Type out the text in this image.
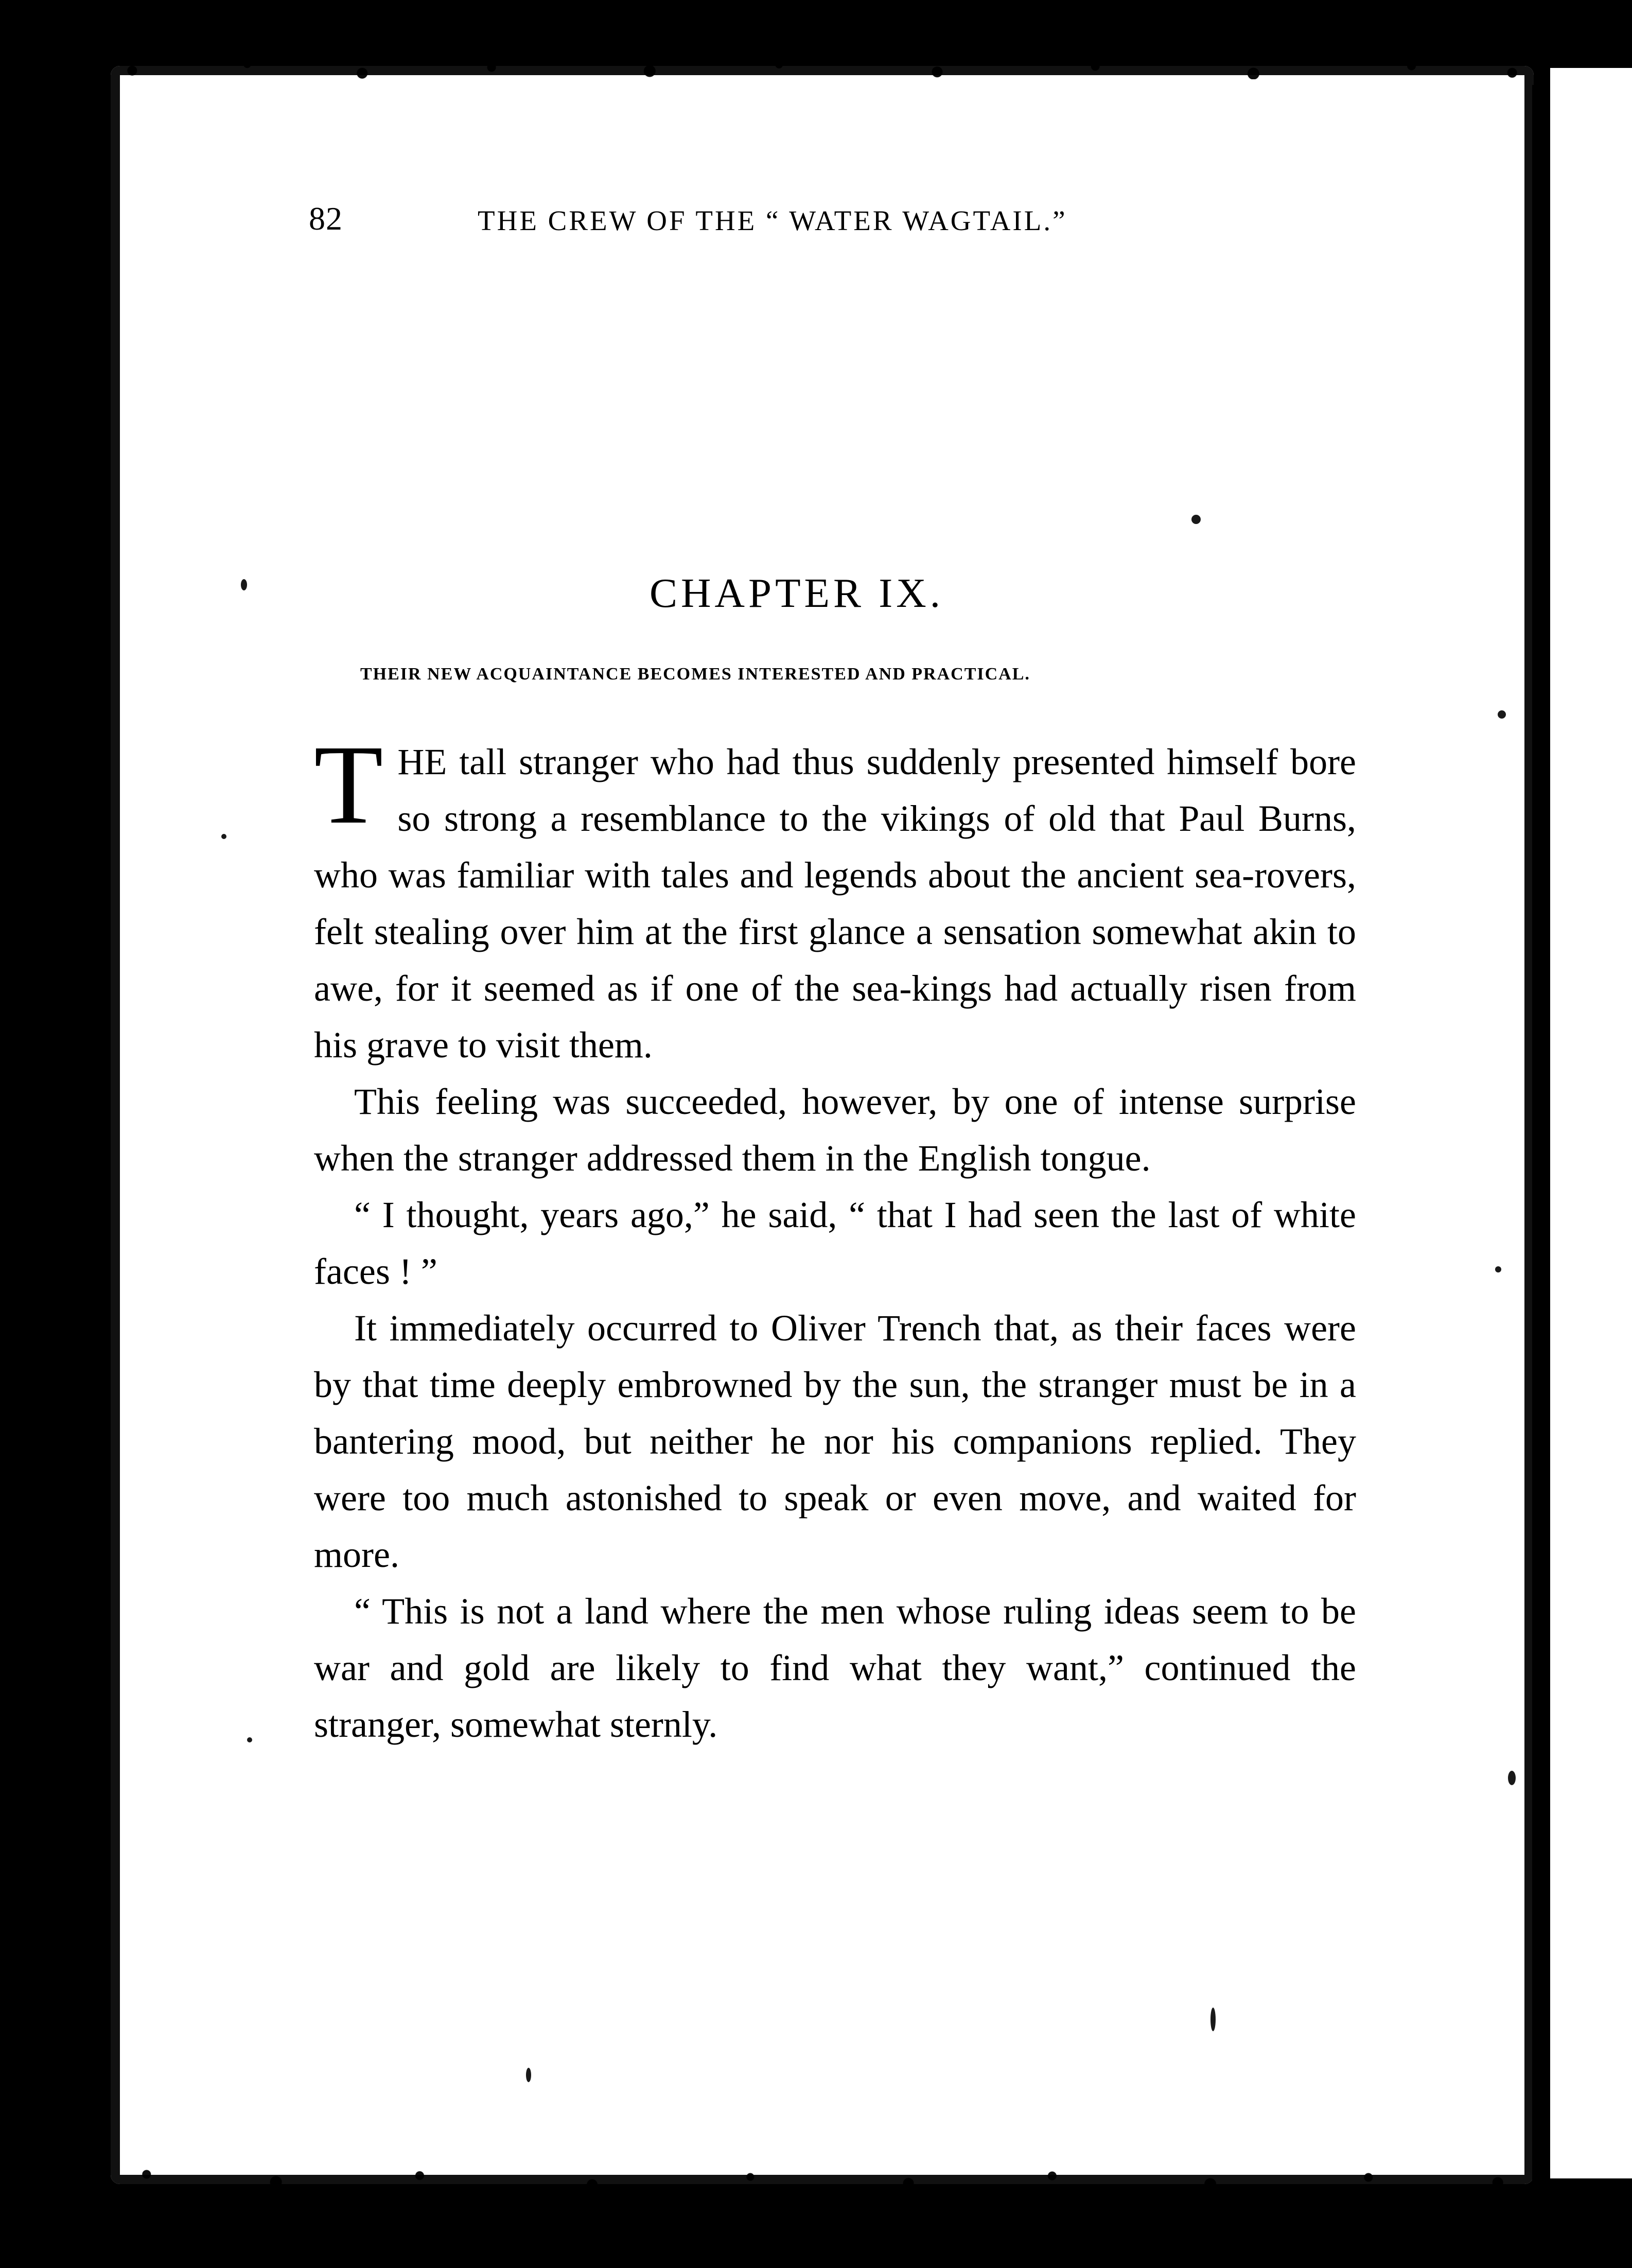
82	THE CREW OF THE “ WATER WAGTAIL.”
CHAPTER IX.
THEIR NEW ACQUAINTANCE BECOMES INTERESTED AND PRACTICAL.

THE tall stranger who had thus suddenly presented himself bore so strong a resemblance to the vikings of old that Paul Burns, who was familiar with tales and legends about the ancient sea-rovers, felt stealing over him at the first glance a sensation somewhat akin to awe, for it seemed as if one of the sea-kings had actually risen from his grave to visit them.

This feeling was succeeded, however, by one of intense surprise when the stranger addressed them in the English tongue.

“ I thought, years ago,” he said, “ that I had seen the last of white faces ! ”

It immediately occurred to Oliver Trench that, as their faces were by that time deeply embrowned by the sun, the stranger must be in a bantering mood, but neither he nor his companions replied. They were too much astonished to speak or even move, and waited for more.

“ This is not a land where the men whose ruling ideas seem to be war and gold are likely to find what they want,” continued the stranger, somewhat sternly.
